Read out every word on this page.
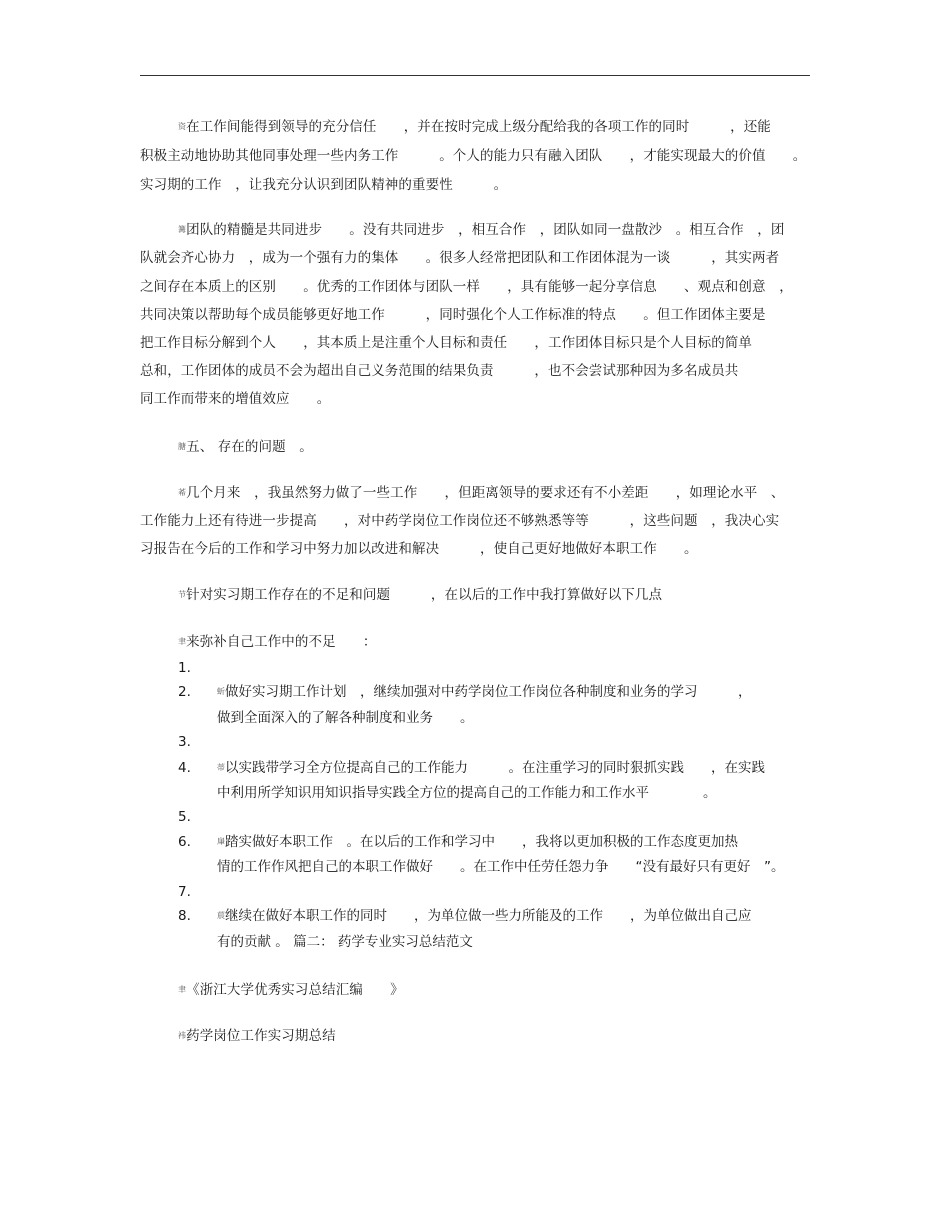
资在工作间能得到领导的充分信任　　，并在按时完成上级分配给我的各项工作的同时　　　，还能
积极主动地协助其他同事处理一些内务工作　　　。个人的能力只有融入团队　　，才能实现最大的价值　　。
实习期的工作　，让我充分认识到团队精神的重要性　　　。
篝团队的精髓是共同进步　　。没有共同进步　，相互合作　，团队如同一盘散沙　。相互合作　，团
队就会齐心协力　，成为一个强有力的集体　　。很多人经常把团队和工作团体混为一谈　　　，其实两者
之间存在本质上的区别　　。优秀的工作团体与团队一样　　，具有能够一起分享信息　　、观点和创意　，
共同决策以帮助每个成员能够更好地工作　　　，同时强化个人工作标准的特点　　。但工作团体主要是
把工作目标分解到个人　　，其本质上是注重个人目标和责任　　，工作团体目标只是个人目标的简单
总和，工作团体的成员不会为超出自己义务范围的结果负责　　　，也不会尝试那种因为多名成员共
同工作而带来的增值效应　　。
膅五、 存在的问题　。
莃几个月来　，我虽然努力做了一些工作　　，但距离领导的要求还有不小差距　　，如理论水平　、
工作能力上还有待进一步提高　　，对中药学岗位工作岗位还不够熟悉等等　　　，这些问题　，我决心实
习报告在今后的工作和学习中努力加以改进和解决　　　，使自己更好地做好本职工作　　。
节针对实习期工作存在的不足和问题　　　，在以后的工作中我打算做好以下几点
聿来弥补自己工作中的不足　　：
1.
2.	蚚做好实习期工作计划　，继续加强对中药学岗位工作岗位各种制度和业务的学习　　　，
做到全面深入的了解各种制度和业务　　。
3.
4.	蒂以实践带学习全方位提高自己的工作能力　　　。在注重学习的同时狠抓实践　　，在实践
中利用所学知识用知识指导实践全方位的提高自己的工作能力和工作水平　　　　。
5.
6.	肁踏实做好本职工作　。在以后的工作和学习中　　，我将以更加积极的工作态度更加热
情的工作作风把自己的本职工作做好　　。在工作中任劳任怨力争　　“没有最好只有更好　”。
7.
8.	莀继续在做好本职工作的同时　　，为单位做一些力所能及的工作　　，为单位做出自己应
有的贡献 。 篇二： 药学专业实习总结范文
聿《浙江大学优秀实习总结汇编　　》
袆药学岗位工作实习期总结
